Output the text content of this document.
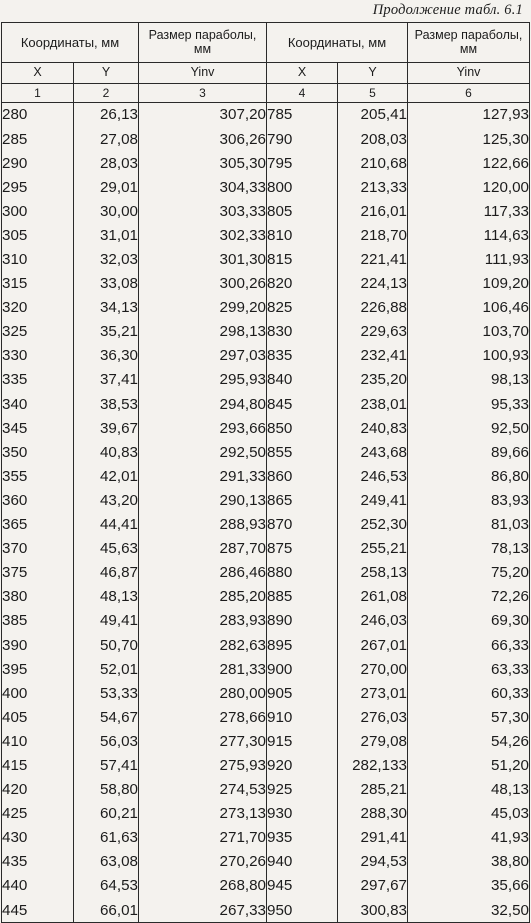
Продолжение табл. 6.1
Координаты, мм		Размер параболы, мм	Координаты, мм		Размер параболы, мм
X	Y	Yinv	X	Y	Yinv
1	2	3	4	5	6
280	26,13	307,20	785	205,41	127,93
285	27,08	306,26	790	208,03	125,30
290	28,03	305,30	795	210,68	122,66
295	29,01	304,33	800	213,33	120,00
300	30,00	303,33	805	216,01	117,33
305	31,01	302,33	810	218,70	114,63
310	32,03	301,30	815	221,41	111,93
315	33,08	300,26	820	224,13	109,20
320	34,13	299,20	825	226,88	106,46
325	35,21	298,13	830	229,63	103,70
330	36,30	297,03	835	232,41	100,93
335	37,41	295,93	840	235,20	98,13
340	38,53	294,80	845	238,01	95,33
345	39,67	293,66	850	240,83	92,50
350	40,83	292,50	855	243,68	89,66
355	42,01	291,33	860	246,53	86,80
360	43,20	290,13	865	249,41	83,93
365	44,41	288,93	870	252,30	81,03
370	45,63	287,70	875	255,21	78,13
375	46,87	286,46	880	258,13	75,20
380	48,13	285,20	885	261,08	72,26
385	49,41	283,93	890	246,03	69,30
390	50,70	282,63	895	267,01	66,33
395	52,01	281,33	900	270,00	63,33
400	53,33	280,00	905	273,01	60,33
405	54,67	278,66	910	276,03	57,30
410	56,03	277,30	915	279,08	54,26
415	57,41	275,93	920	282,133	51,20
420	58,80	274,53	925	285,21	48,13
425	60,21	273,13	930	288,30	45,03
430	61,63	271,70	935	291,41	41,93
435	63,08	270,26	940	294,53	38,80
440	64,53	268,80	945	297,67	35,66
445	66,01	267,33	950	300,83	32,50
